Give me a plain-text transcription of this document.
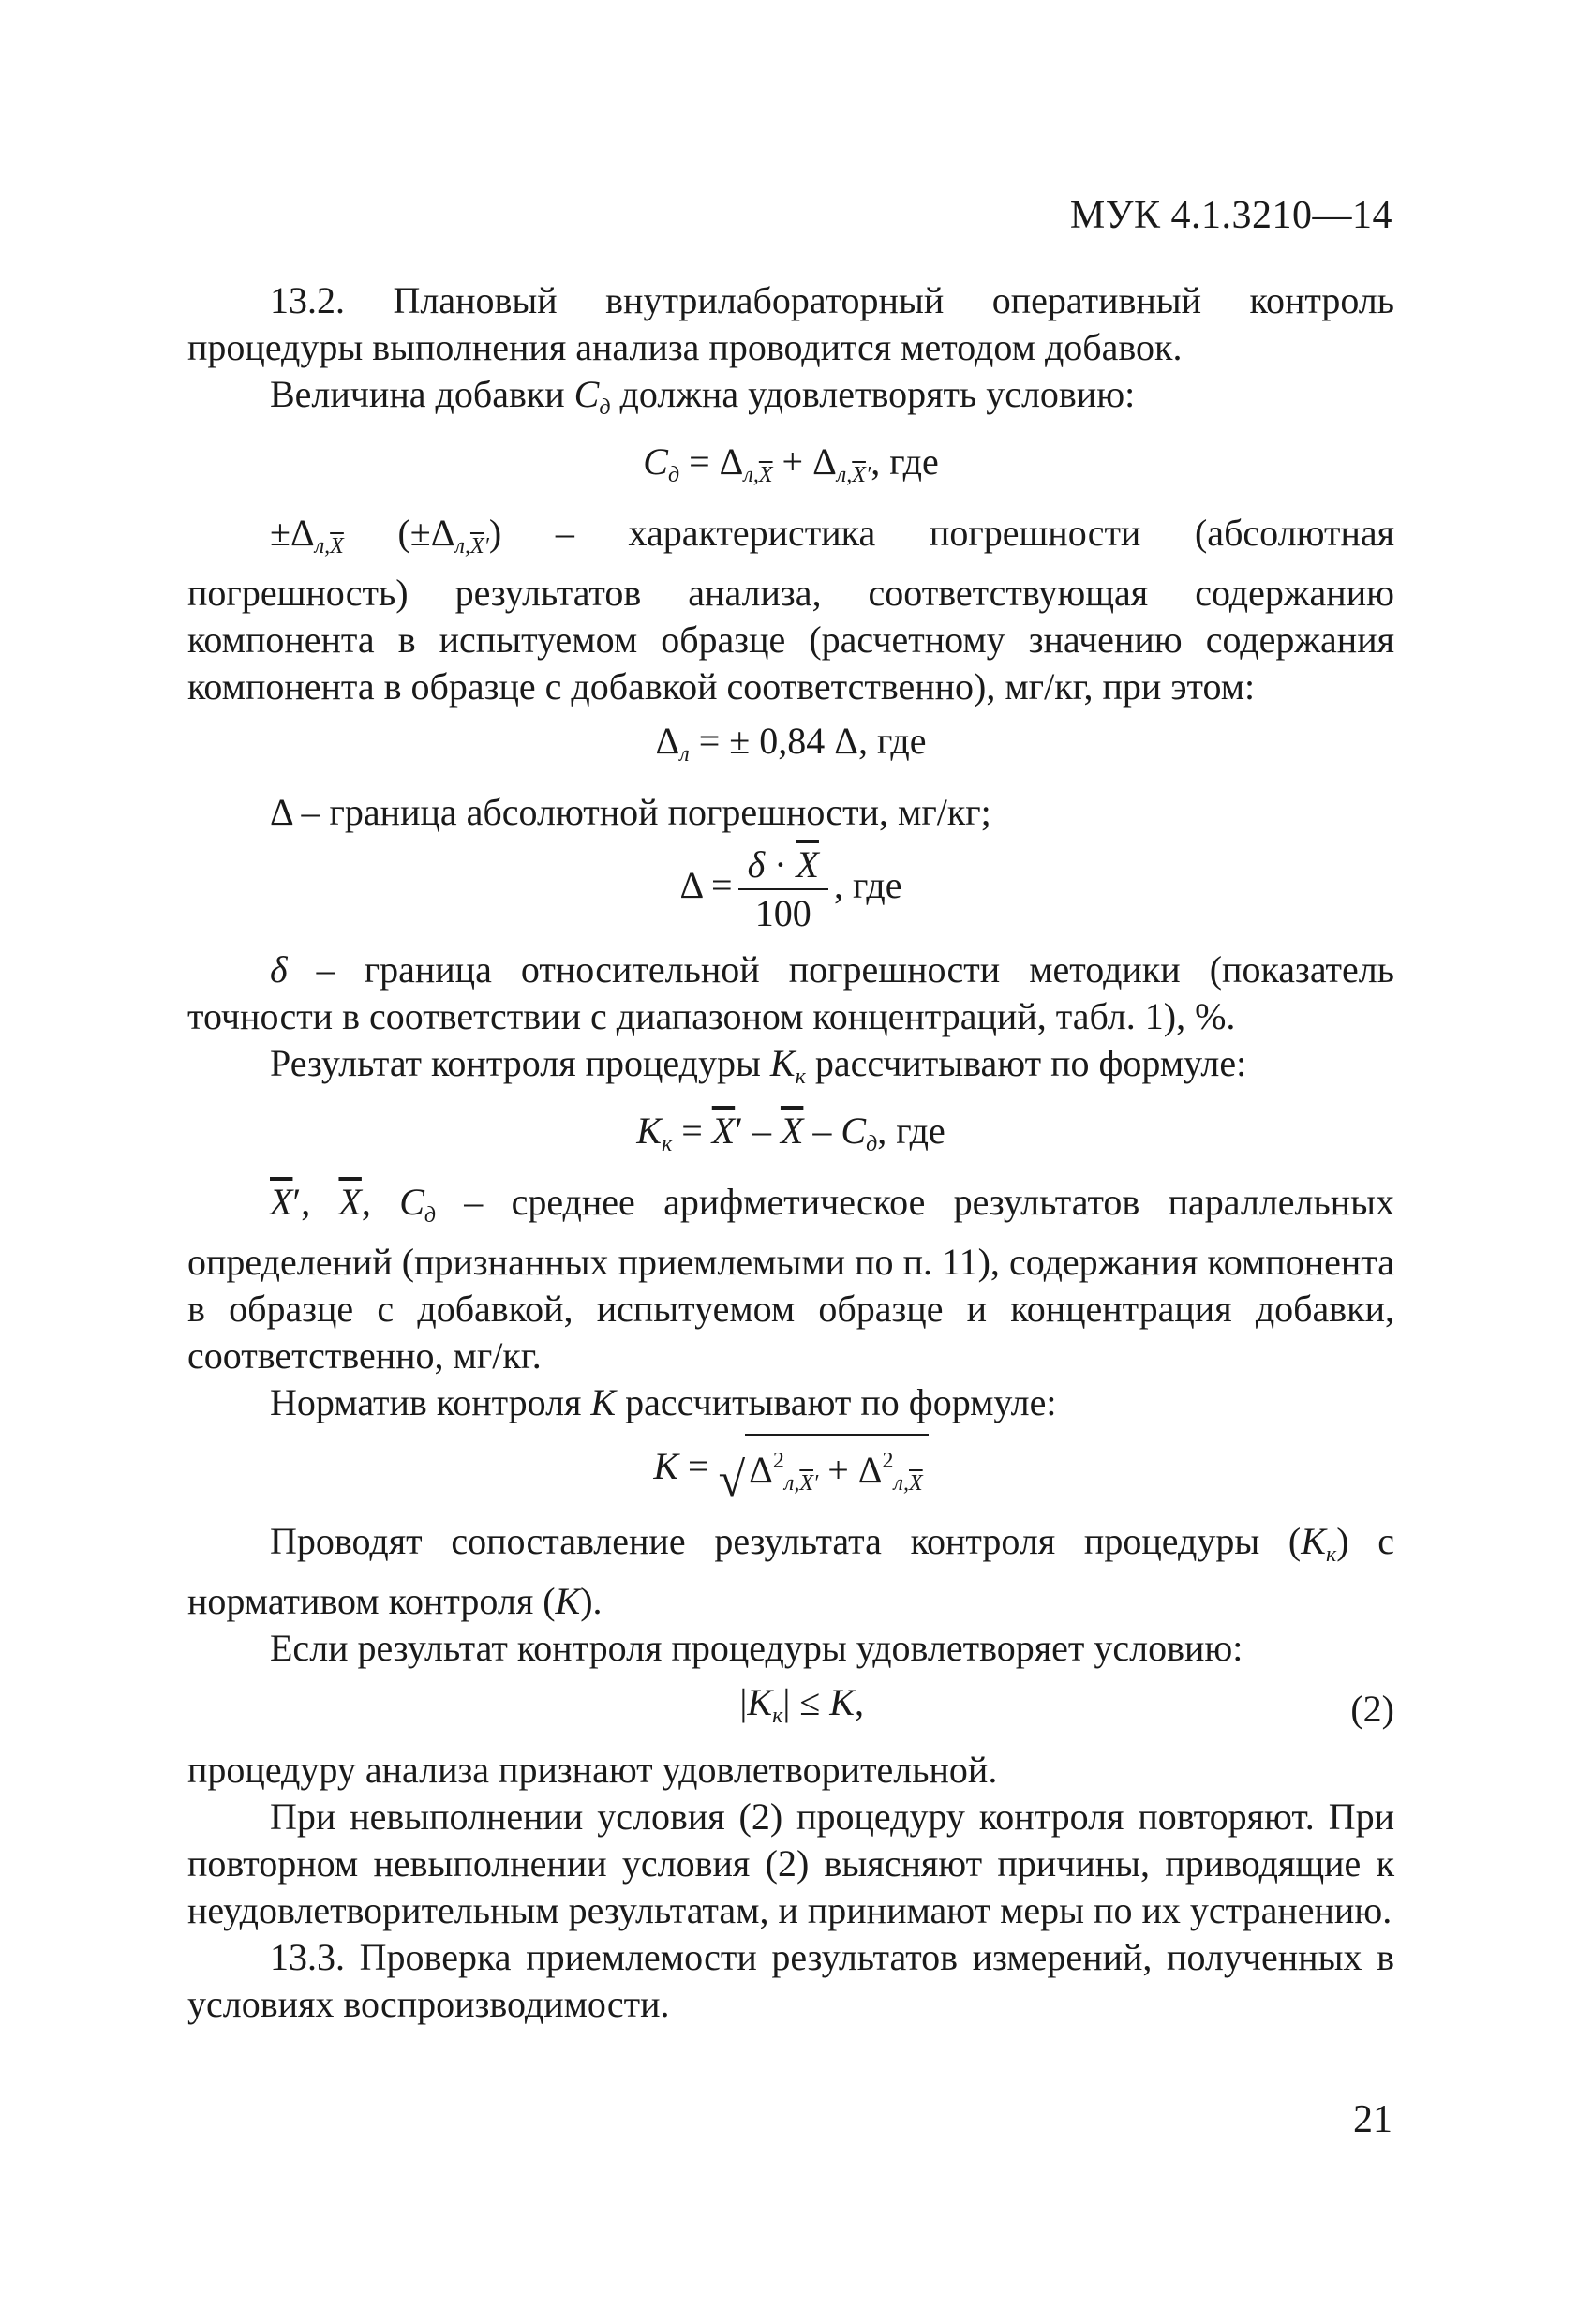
МУК 4.1.3210—14

13.2. Плановый внутрилабораторный оперативный контроль процедуры выполнения анализа проводится методом добавок.

Величина добавки $C_д$ должна удовлетворять условию:

$C_д = \Delta_{л,\overline{X}} + \Delta_{л,\overline{X}'}$, где

$\pm\Delta_{л,\overline{X}}$ $(\pm\Delta_{л,\overline{X}'})$ – характеристика погрешности (абсолютная погрешность) результатов анализа, соответствующая содержанию компонента в испытуемом образце (расчетному значению содержания компонента в образце с добавкой соответственно), мг/кг, при этом:

$\Delta_л$ = ± 0,84 Δ, где

Δ – граница абсолютной погрешности, мг/кг;

$\Delta = \frac{\delta \cdot \overline{X}}{100}$ , где

δ – граница относительной погрешности методики (показатель точности в соответствии с диапазоном концентраций, табл. 1), %.

Результат контроля процедуры $K_к$ рассчитывают по формуле:

$K_к = \overline{X}' - \overline{X} - C_д$, где

$\overline{X}'$, $\overline{X}$, $C_д$ – среднее арифметическое результатов параллельных определений (признанных приемлемыми по п. 11), содержания компонента в образце с добавкой, испытуемом образце и концентрация добавки, соответственно, мг/кг.

Норматив контроля K рассчитывают по формуле:

K = √ $\Delta^2_{л,\overline{X}'} + \Delta^2_{л,\overline{X}}$

Проводят сопоставление результата контроля процедуры $(K_к)$ с нормативом контроля (K).

Если результат контроля процедуры удовлетворяет условию:

$|K_к| \le K$,	(2)

процедуру анализа признают удовлетворительной.

При невыполнении условия (2) процедуру контроля повторяют. При повторном невыполнении условия (2) выясняют причины, приводящие к неудовлетворительным результатам, и принимают меры по их устранению.

13.3. Проверка приемлемости результатов измерений, полученных в условиях воспроизводимости.

21
